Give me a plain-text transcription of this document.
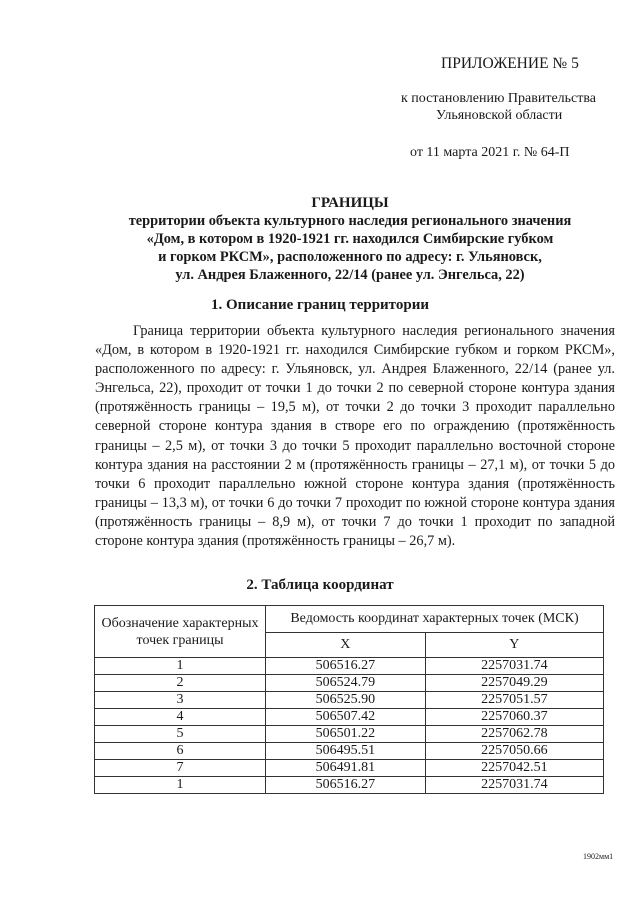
ПРИЛОЖЕНИЕ № 5
к постановлению Правительства
Ульяновской области
от 11 марта 2021 г. № 64-П
ГРАНИЦЫ
территории объекта культурного наследия регионального значения
«Дом, в котором в 1920-1921 гг. находился Симбирские губком
и горком РКСМ», расположенного по адресу: г. Ульяновск,
ул. Андрея Блаженного, 22/14 (ранее ул. Энгельса, 22)
1. Описание границ территории
Граница территории объекта культурного наследия регионального значения «Дом, в котором в 1920-1921 гг. находился Симбирские губком и горком РКСМ», расположенного по адресу: г. Ульяновск, ул. Андрея Блаженного, 22/14 (ранее ул. Энгельса, 22), проходит от точки 1 до точки 2 по северной стороне контура здания (протяжённость границы – 19,5 м), от точки 2 до точки 3 проходит параллельно северной стороне контура здания в створе его по ограждению (протяжённость границы – 2,5 м), от точки 3 до точки 5 проходит параллельно восточной стороне контура здания на расстоянии 2 м (протяжённость границы – 27,1 м), от точки 5 до точки 6 проходит параллельно южной стороне контура здания (протяжённость границы – 13,3 м), от точки 6 до точки 7 проходит по южной стороне контура здания (протяжённость границы – 8,9 м), от точки 7 до точки 1 проходит по западной стороне контура здания (протяжённость границы – 26,7 м).
2. Таблица координат
Обозначение характерных точек границы	Ведомость координат характерных точек (МСК)	
	X	Y
1	506516.27	2257031.74
2	506524.79	2257049.29
3	506525.90	2257051.57
4	506507.42	2257060.37
5	506501.22	2257062.78
6	506495.51	2257050.66
7	506491.81	2257042.51
1	506516.27	2257031.74
1902мм1
